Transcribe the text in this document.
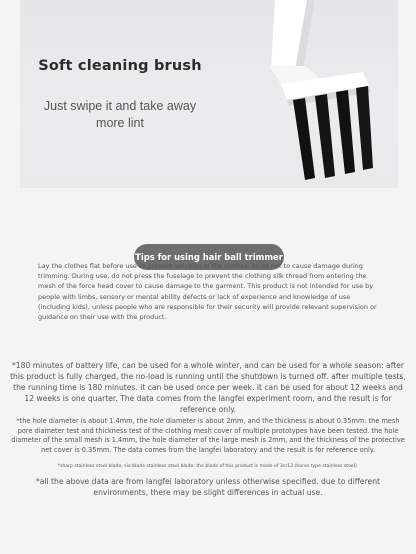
Soft cleaning brush
Just swipe it and take away more lint
Tips for using hair ball trimmer

Lay the clothes flat before use to prevent wrinkles in the clothes, so as not to cause damage during trimming. During use, do not press the fuselage to prevent the clothing silk thread from entering the mesh of the force head cover to cause damage to the garment. This product is not intended for use by people with limbs, sensory or mental ability defects or lack of experience and knowledge of use (including kids), unless people who are responsible for their security will provide relevant supervision or guidance on their use with the product.

*180 minutes of battery life, can be used for a whole winter, and can be used for a whole season: after this product is fully charged, the no-load is running until the shutdown is turned off. after multiple tests, the running time is 180 minutes. it can be used once per week. it can be used for about 12 weeks and 12 weeks is one quarter. The data comes from the langfei experiment room, and the result is for reference only.

*the hole diameter is about 1.4mm, the hole diameter is about 2mm, and the thickness is about 0.35mm: the mesh pore diameter test and thickness test of the clothing mesh cover of multiple prototypes have been tested. the hole diameter of the small mesh is 1.4mm, the hole diameter of the large mesh is 2mm, and the thickness of the protective net cover is 0.35mm. The data comes from the langfei laboratory and the result is for reference only.

*sharp stainless steel blade, six-blade stainless steel blade: the blade of this product is made of 3cr13 (horse type stainless steel).

*all the above data are from langfei laboratory unless otherwise specified. due to different environments, there may be slight differences in actual use.
